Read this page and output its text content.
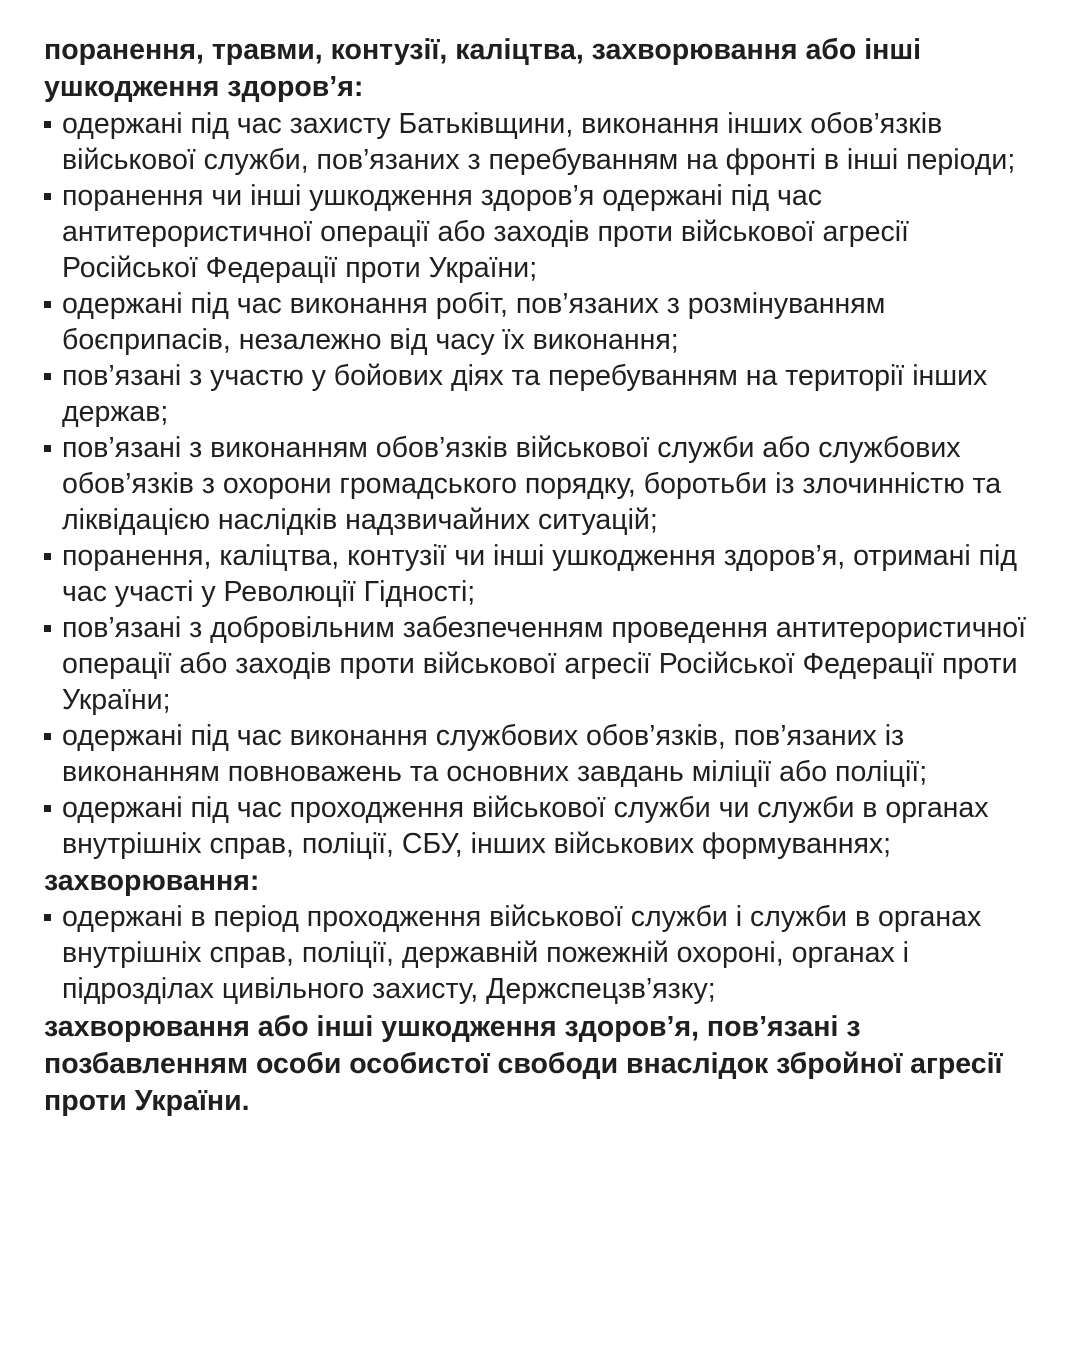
поранення, травми, контузії, каліцтва, захворювання або інші ушкодження здоров’я:

одержані під час захисту Батьківщини, виконання інших обов’язків військової служби, пов’язаних з перебуванням на фронті в інші періоди;
поранення чи інші ушкодження здоров’я одержані під час антитерористичної операції або заходів проти військової агресії Російської Федерації проти України;
одержані під час виконання робіт, пов’язаних з розмінуванням боєприпасів, незалежно від часу їх виконання;
пов’язані з участю у бойових діях та перебуванням на території інших держав;
пов’язані з виконанням обов’язків військової служби або службових обов’язків з охорони громадського порядку, боротьби із злочинністю та ліквідацією наслідків надзвичайних ситуацій;
поранення, каліцтва, контузії чи інші ушкодження здоров’я, отримані під час участі у Революції Гідності;
пов’язані з добровільним забезпеченням проведення антитерористичної операції або заходів проти військової агресії Російської Федерації проти України;
одержані під час виконання службових обов’язків, пов’язаних із виконанням повноважень та основних завдань міліції або поліції;
одержані під час проходження військової служби чи служби в органах внутрішніх справ, поліції, СБУ, інших військових формуваннях;

захворювання:

одержані в період проходження військової служби і служби в органах внутрішніх справ, поліції, державній пожежній охороні, органах і підрозділах цивільного захисту, Держспецзв’язку;

захворювання або інші ушкодження здоров’я, пов’язані з позбавленням особи особистої свободи внаслідок збройної агресії проти України.
